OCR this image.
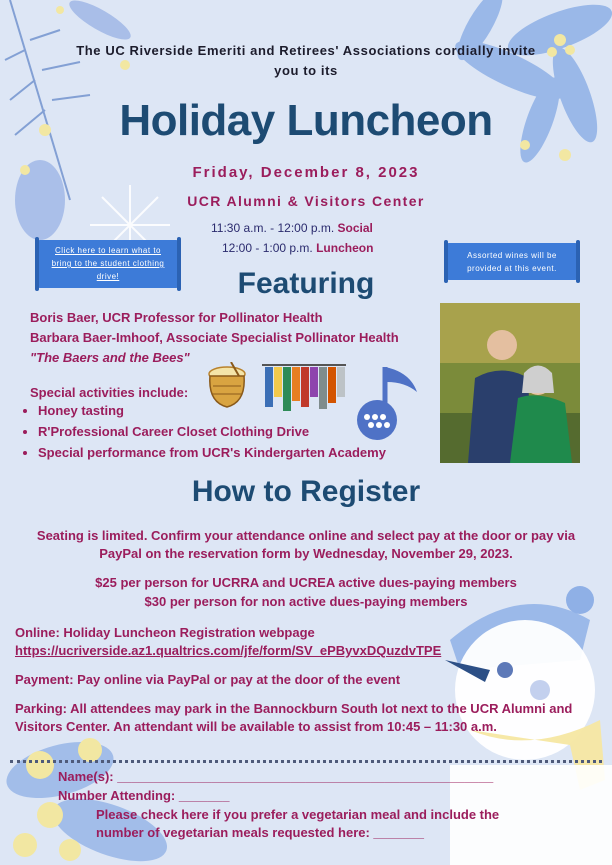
The UC Riverside Emeriti and Retirees' Associations cordially invite
you to its
Holiday Luncheon
Friday, December 8, 2023
UCR Alumni & Visitors Center
11:30 a.m. - 12:00 p.m. Social
12:00 - 1:00 p.m. Luncheon
Click here to learn what to bring to the student clothing drive!
Assorted wines will be provided at this event.
Featuring
Boris Baer, UCR Professor for Pollinator Health
Barbara Baer-Imhoof, Associate Specialist Pollinator Health
"The Baers and the Bees"
Special activities include:
• Honey tasting
• R'Professional Career Closet Clothing Drive
• Special performance from UCR's Kindergarten Academy
How to Register
Seating is limited. Confirm your attendance online and select pay at the door or pay via PayPal on the reservation form by Wednesday, November 29, 2023.
$25 per person for UCRRA and UCREA active dues-paying members
$30 per person for non active dues-paying members
Online: Holiday Luncheon Registration webpage
https://ucriverside.az1.qualtrics.com/jfe/form/SV_ePByvxDQuzdvTPE
Payment: Pay online via PayPal or pay at the door of the event
Parking: All attendees may park in the Bannockburn South lot next to the UCR Alumni and Visitors Center. An attendant will be available to assist from 10:45 – 11:30 a.m.
Name(s): ____________________________________________________
Number Attending: _______
Please check here if you prefer a vegetarian meal and include the number of vegetarian meals requested here: _______
